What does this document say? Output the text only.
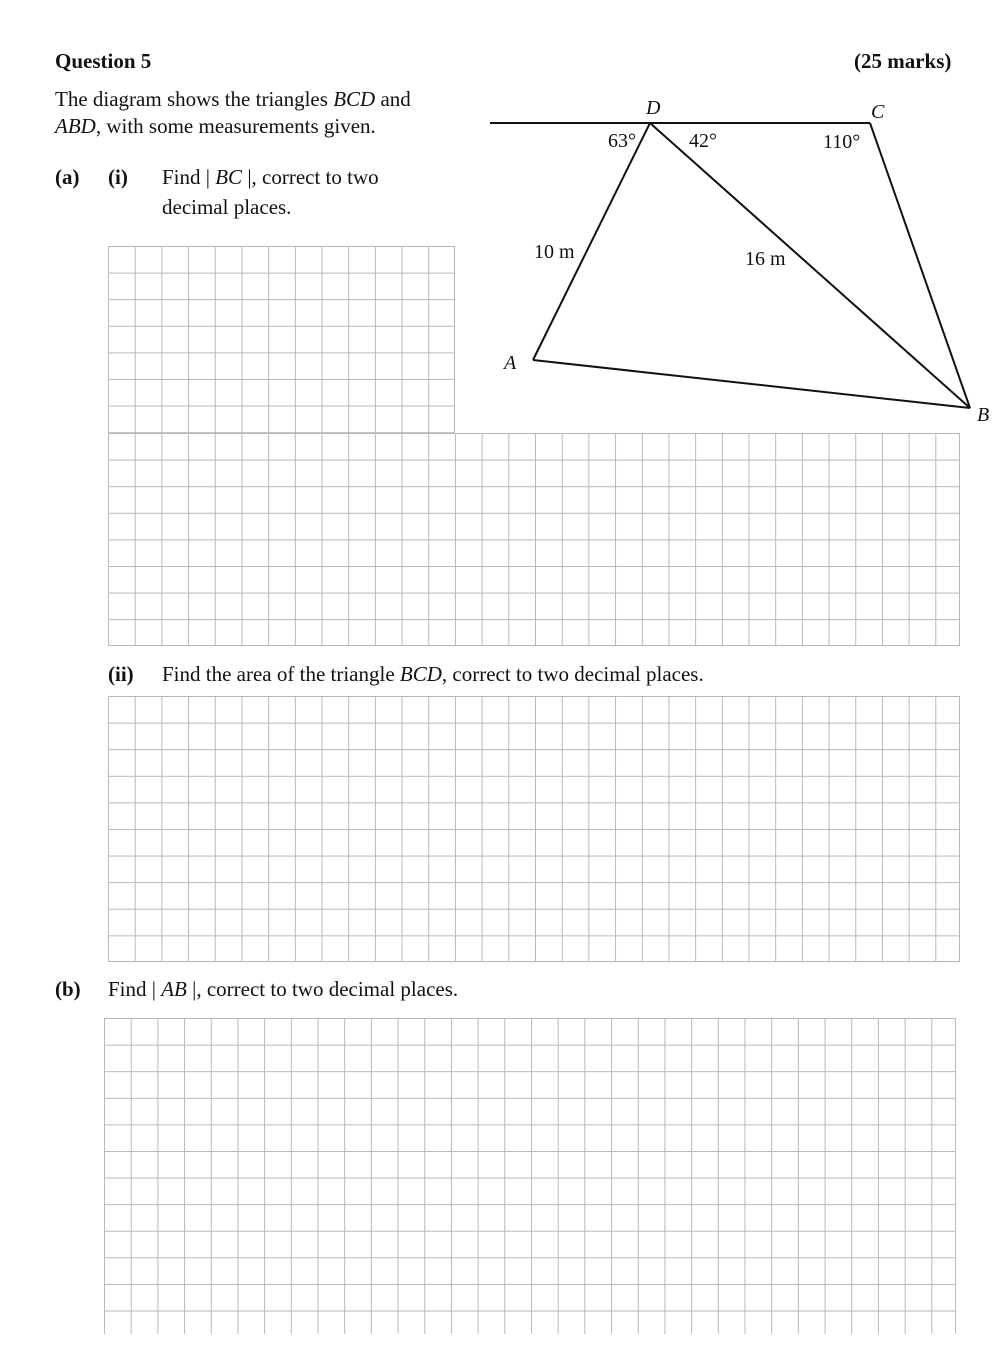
Question 5	(25 marks)
The diagram shows the triangles BCD and
ABD, with some measurements given.
(a) (i) Find | BC |, correct to two
decimal places.
D	C
A
B
63°	42°	110°
10 m	16 m
(ii) Find the area of the triangle BCD, correct to two decimal places.
(b) Find | AB |, correct to two decimal places.
